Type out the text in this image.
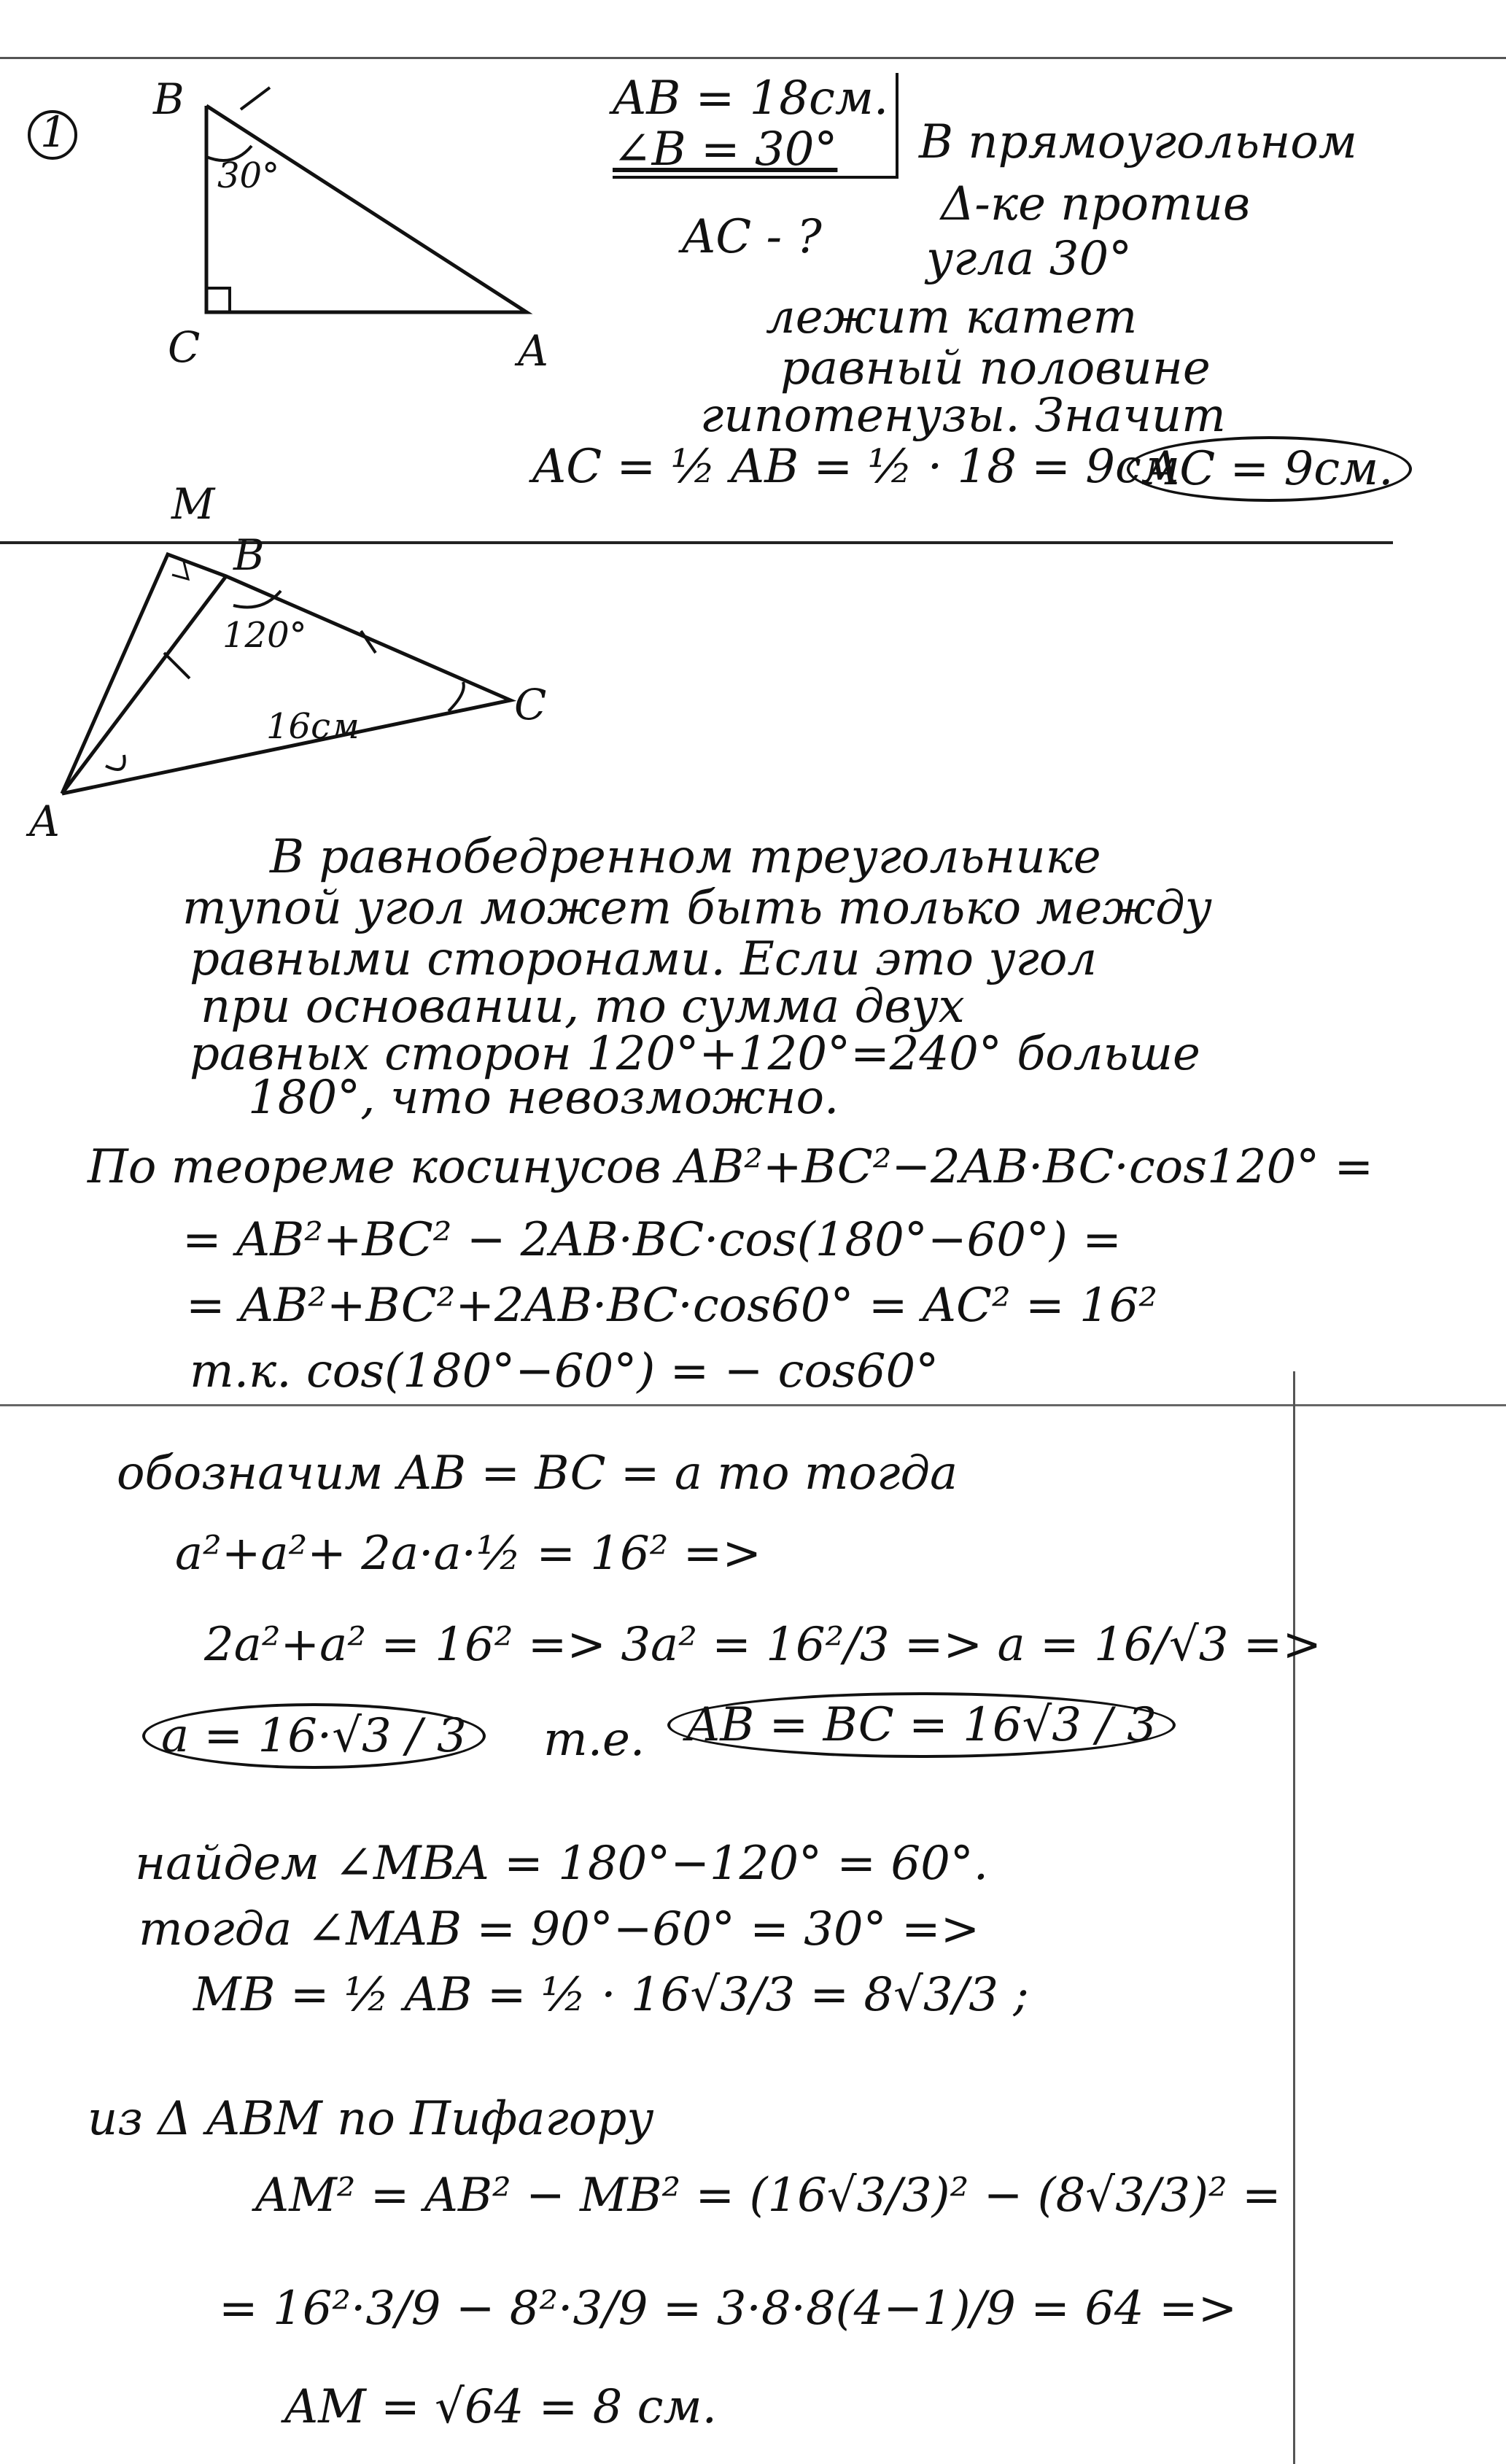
1
B
C	A
30°
AB = 18см.
∠B = 30°
AC - ?
В прямоугольном
Δ-ке против
угла 30°
лежит катет
равный половине
гипотенузы. Значит
AC = ½ AB = ½ · 18 = 9см
AC = 9см.
M
B
C
A
120°
16см
В равнобедренном треугольнике
тупой угол может быть только между
равными сторонами. Если это угол
при основании, то сумма двух
равных сторон 120°+120°=240° больше
180°, что невозможно.
По теореме косинусов AB²+BC²−2AB·BC·cos120° =
= AB²+BC² − 2AB·BC·cos(180°−60°) =
= AB²+BC²+2AB·BC·cos60° = AC² = 16²
т.к. cos(180°−60°) = − cos60°
обозначим AB = BC = a то тогда
a²+a²+ 2a·a·½ = 16² =>
2a²+a² = 16² => 3a² = 16²/3 => a = 16/√3 =>
a = 16·√3 / 3	т.е. AB = BC = 16√3 / 3
найдем ∠MBA = 180°−120° = 60°.
тогда ∠MAB = 90°−60° = 30° =>
MB = ½ AB = ½ · 16√3/3 = 8√3/3 ;
из Δ ABM по Пифагору
AM² = AB² − MB² = (16√3/3)² − (8√3/3)² =
= 16²·3/9 − 8²·3/9 = 3·8·8(4−1)/9 = 64 =>
AM = √64 = 8 см.
